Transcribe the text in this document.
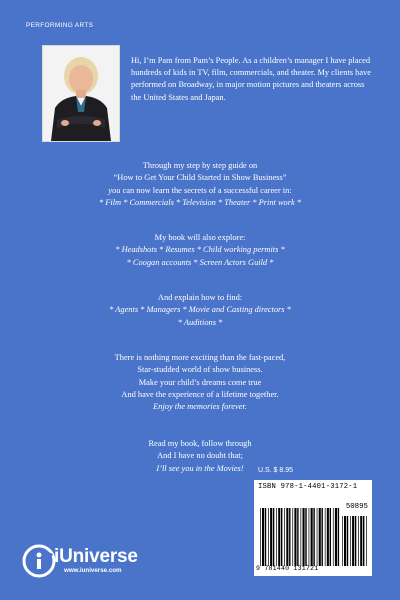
PERFORMING ARTS
Hi, I’m Pam from Pam’s People. As a children’s manager I have placed hundreds of kids in TV, film, commercials, and theater. My clients have performed on Broadway, in major motion pictures and theaters across the United States and Japan.
Through my step by step guide on
“How to Get Your Child Started in Show Business”
you can now learn the secrets of a successful career in:
* Film * Commercials * Television * Theater * Print work *
My book will also explore:
* Headshots * Resumes * Child working permits *
* Coogan accounts * Screen Actors Guild *
And explain how to find:
* Agents * Managers * Movie and Casting directors *
* Auditions *
There is nothing more exciting than the fast-paced,
Star-studded world of show business.
Make your child’s dreams come true
And have the experience of a lifetime together.
Enjoy the memories forever.
Read my book, follow through
And I have no doubt that;
I’ll see you in the Movies!	U.S. $ 8.95
ISBN 978-1-4401-3172-1
50895
9 781440 131721
iUniverse
www.iuniverse.com
